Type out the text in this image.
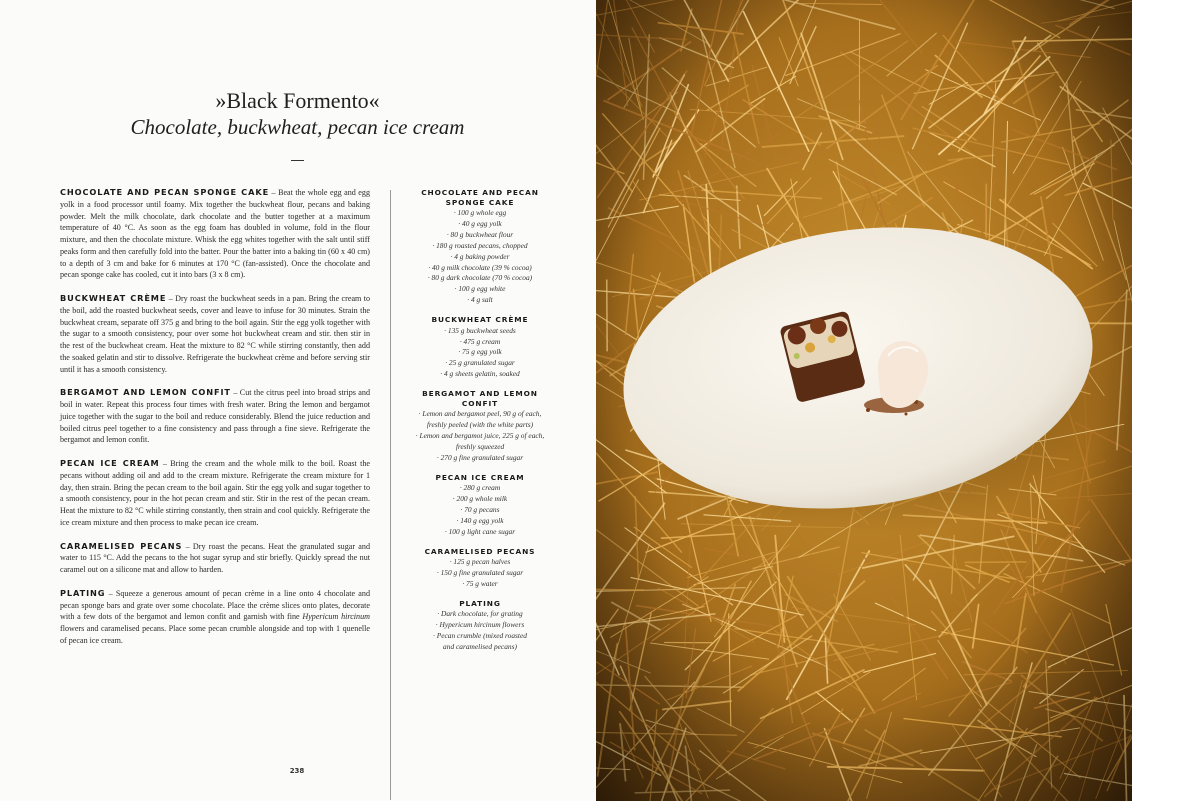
»Black Formento«
Chocolate, buckwheat, pecan ice cream

CHOCOLATE AND PECAN SPONGE CAKE – Beat the whole egg and egg yolk in a food processor until foamy. Mix together the buckwheat flour, pecans and baking powder. Melt the milk chocolate, dark chocolate and the butter together at a maximum temperature of 40 °C. As soon as the egg foam has doubled in volume, fold in the flour mixture, and then the chocolate mixture. Whisk the egg whites together with the salt until stiff peaks form and then carefully fold into the batter. Pour the batter into a baking tin (60 x 40 cm) to a depth of 3 cm and bake for 6 minutes at 170 °C (fan-assisted). Once the chocolate and pecan sponge cake has cooled, cut it into bars (3 x 8 cm).

BUCKWHEAT CRÈME – Dry roast the buckwheat seeds in a pan. Bring the cream to the boil, add the roasted buckwheat seeds, cover and leave to infuse for 30 minutes. Strain the buckwheat cream, separate off 375 g and bring to the boil again. Stir the egg yolk together with the sugar to a smooth consistency, pour over some hot buckwheat cream and stir. then stir in the rest of the buckwheat cream. Heat the mixture to 82 °C while stirring constantly, then add the soaked gelatin and stir to dissolve. Refrigerate the buckwheat crème and before serving stir until it has a smooth consistency.

BERGAMOT AND LEMON CONFIT – Cut the citrus peel into broad strips and boil in water. Repeat this process four times with fresh water. Bring the lemon and bergamot juice together with the sugar to the boil and reduce considerably. Blend the juice reduction and boiled citrus peel together to a fine consistency and pass through a fine sieve. Refrigerate the bergamot and lemon confit.

PECAN ICE CREAM – Bring the cream and the whole milk to the boil. Roast the pecans without adding oil and add to the cream mixture. Refrigerate the cream mixture for 1 day, then strain. Bring the pecan cream to the boil again. Stir the egg yolk and sugar together to a smooth consistency, pour in the hot pecan cream and stir. Stir in the rest of the pecan cream. Heat the mixture to 82 °C while stirring constantly, then strain and cool quickly. Refrigerate the ice cream mixture and then process to make pecan ice cream.

CARAMELISED PECANS – Dry roast the pecans. Heat the granulated sugar and water to 115 °C. Add the pecans to the hot sugar syrup and stir briefly. Quickly spread the nut caramel out on a silicone mat and allow to harden.

PLATING – Squeeze a generous amount of pecan crème in a line onto 4 chocolate and pecan sponge bars and grate over some chocolate. Place the crème slices onto plates, decorate with a few dots of the bergamot and lemon confit and garnish with fine Hypericum hircinum flowers and caramelised pecans. Place some pecan crumble alongside and top with 1 quenelle of pecan ice cream.

CHOCOLATE AND PECAN SPONGE CAKE
· 100 g whole egg
· 40 g egg yolk
· 80 g buckwheat flour
· 180 g roasted pecans, chopped
· 4 g baking powder
· 40 g milk chocolate (39 % cocoa)
· 80 g dark chocolate (70 % cocoa)
· 100 g egg white
· 4 g salt
BUCKWHEAT CRÈME
· 135 g buckwheat seeds
· 475 g cream
· 75 g egg yolk
· 25 g granulated sugar
· 4 g sheets gelatin, soaked
BERGAMOT AND LEMON CONFIT
· Lemon and bergamot peel, 90 g of each,
freshly peeled (with the white parts)
· Lemon and bergamot juice, 225 g of each,
freshly squeezed
· 270 g fine granulated sugar
PECAN ICE CREAM
· 280 g cream
· 200 g whole milk
· 70 g pecans
· 140 g egg yolk
· 100 g light cane sugar
CARAMELISED PECANS
· 125 g pecan halves
· 150 g fine granulated sugar
· 75 g water
PLATING
· Dark chocolate, for grating
· Hypericum hircinum flowers
· Pecan crumble (mixed roasted
and caramelised pecans)
238
